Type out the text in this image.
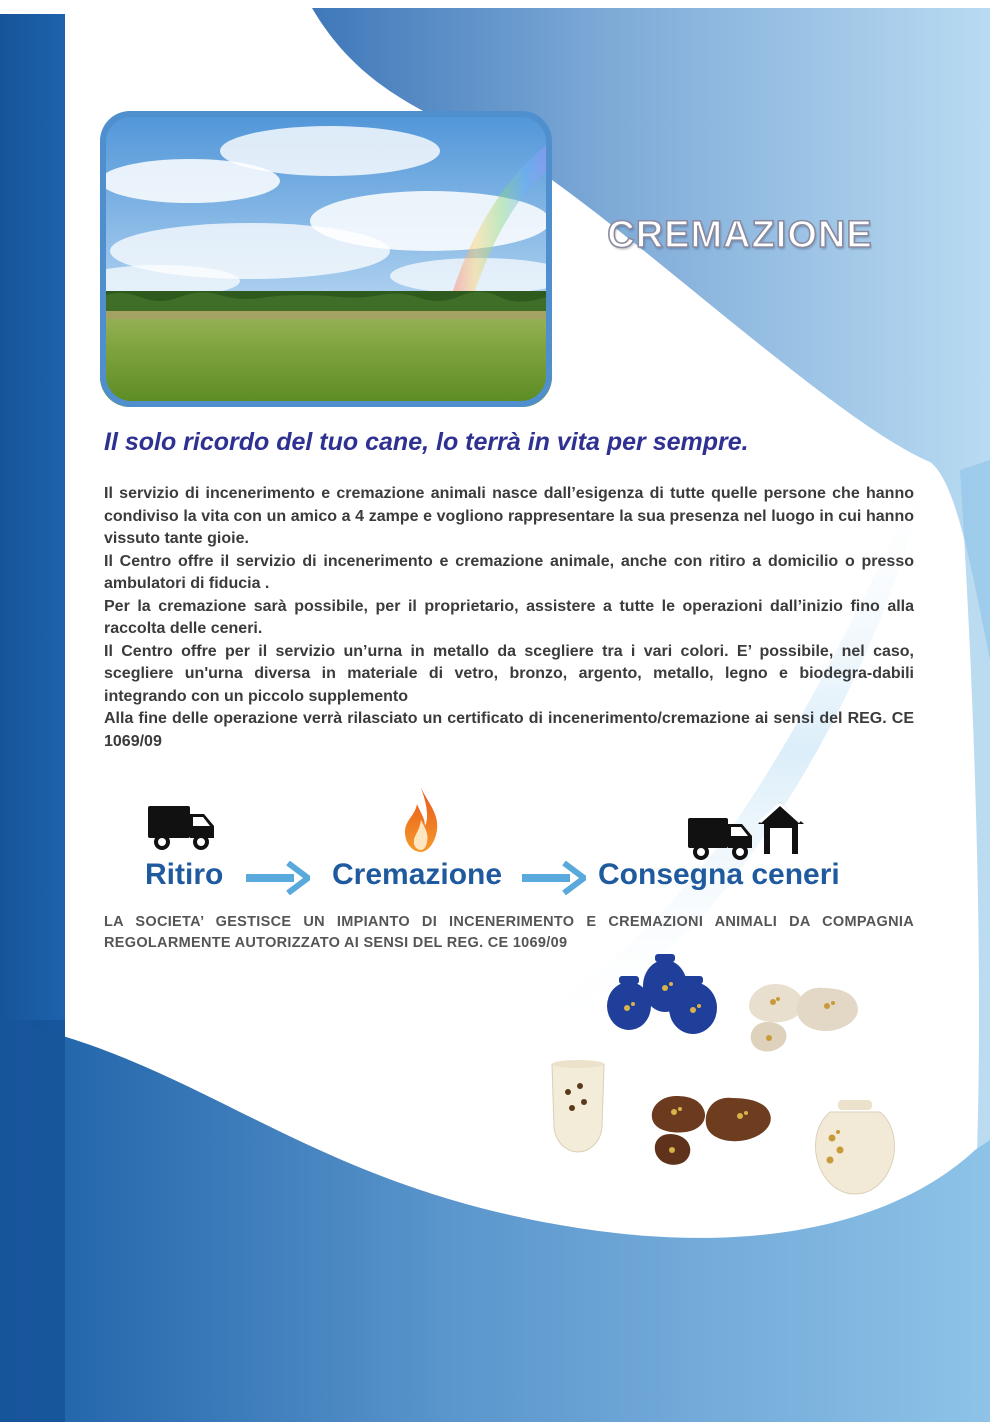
CREMAZIONE

Il solo ricordo del tuo cane, lo terrà in vita per sempre.

Il servizio di incenerimento e cremazione animali nasce dall’esigenza di tutte quelle persone che hanno condiviso la vita con un amico a 4 zampe e vogliono rappresentare la sua presenza nel luogo in cui hanno vissuto tante gioie.

Il Centro offre il servizio di incenerimento e cremazione animale, anche con ritiro a domicilio o presso ambulatori di fiducia .

Per la cremazione sarà possibile, per il proprietario, assistere a tutte le operazioni dall’inizio fino alla raccolta delle ceneri.

Il Centro offre per il servizio un’urna in metallo da scegliere tra i vari colori. E’ possibile, nel caso, scegliere un'urna diversa in materiale di vetro, bronzo, argento, metallo, legno e biodegra-dabili integrando con un piccolo supplemento

Alla fine delle operazione verrà rilasciato un certificato di incenerimento/cremazione ai sensi del REG. CE 1069/09

Ritiro	Cremazione	Consegna ceneri

LA SOCIETA’ GESTISCE UN IMPIANTO DI INCENERIMENTO E CREMAZIONI ANIMALI DA COMPAGNIA REGOLARMENTE AUTORIZZATO AI SENSI DEL REG. CE 1069/09
